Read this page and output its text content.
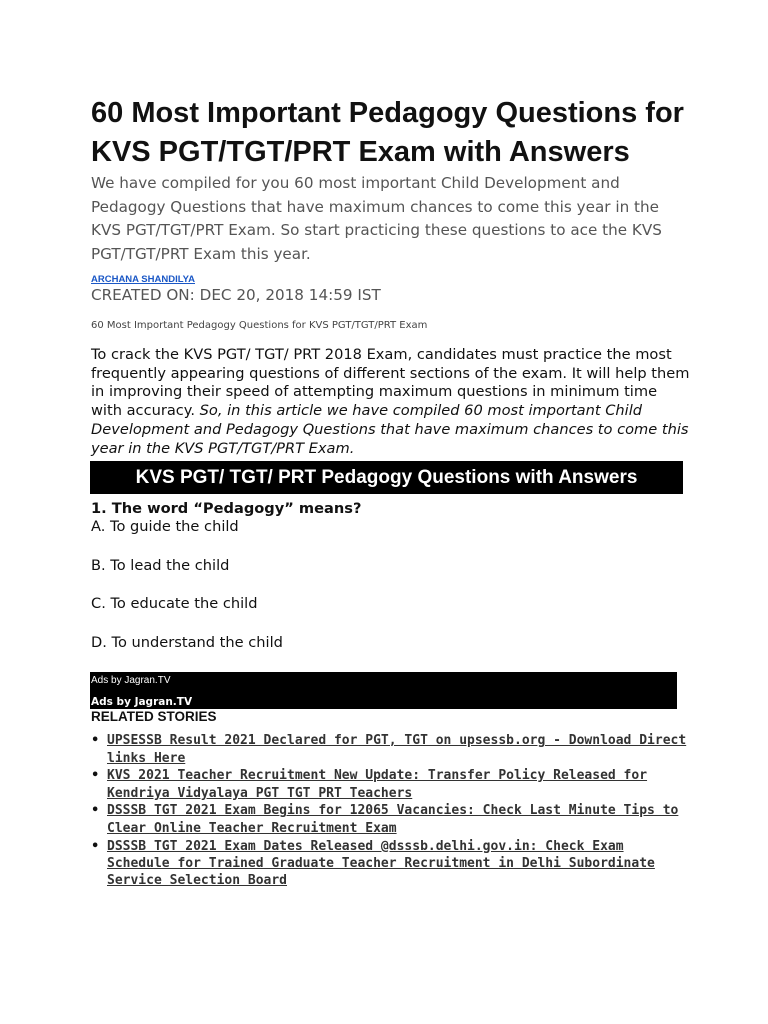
60 Most Important Pedagogy Questions for KVS PGT/TGT/PRT Exam with Answers

We have compiled for you 60 most important Child Development and Pedagogy Questions that have maximum chances to come this year in the KVS PGT/TGT/PRT Exam. So start practicing these questions to ace the KVS PGT/TGT/PRT Exam this year.

ARCHANA SHANDILYA
CREATED ON: DEC 20, 2018 14:59 IST
60 Most Important Pedagogy Questions for KVS PGT/TGT/PRT Exam
To crack the KVS PGT/ TGT/ PRT 2018 Exam, candidates must practice the most frequently appearing questions of different sections of the exam. It will help them in improving their speed of attempting maximum questions in minimum time with accuracy. So, in this article we have compiled 60 most important Child Development and Pedagogy Questions that have maximum chances to come this year in the KVS PGT/TGT/PRT Exam.
KVS PGT/ TGT/ PRT Pedagogy Questions with Answers
1. The word “Pedagogy” means?
A. To guide the child
B. To lead the child
C. To educate the child
D. To understand the child
Ads by Jagran.TV
Ads by Jagran.TV
RELATED STORIES
• UPSESSB Result 2021 Declared for PGT, TGT on upsessb.org - Download Direct links Here
• KVS 2021 Teacher Recruitment New Update: Transfer Policy Released for Kendriya Vidyalaya PGT TGT PRT Teachers
• DSSSB TGT 2021 Exam Begins for 12065 Vacancies: Check Last Minute Tips to Clear Online Teacher Recruitment Exam
• DSSSB TGT 2021 Exam Dates Released @dsssb.delhi.gov.in: Check Exam Schedule for Trained Graduate Teacher Recruitment in Delhi Subordinate Service Selection Board
